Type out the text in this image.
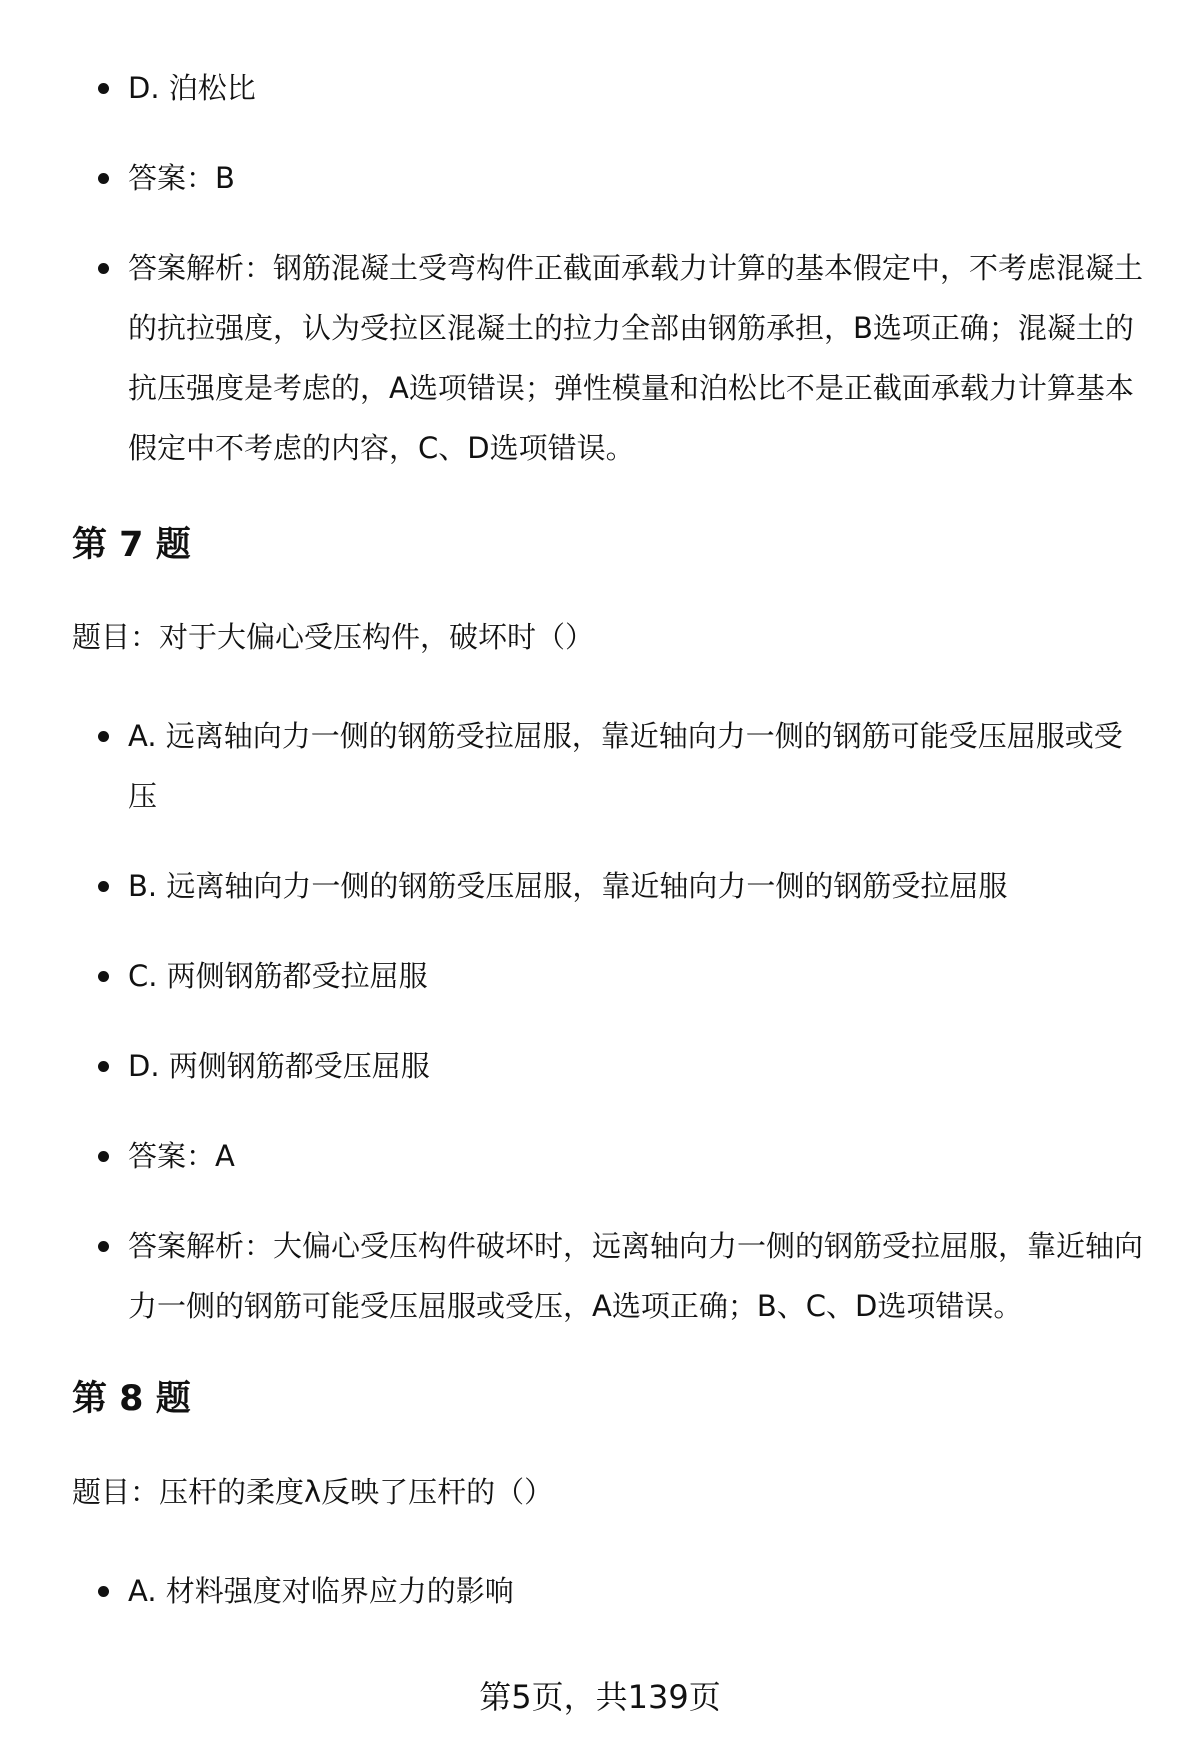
D. 泊松比
答案：B
答案解析：钢筋混凝土受弯构件正截面承载力计算的基本假定中，不考虑混凝土的抗拉强度，认为受拉区混凝土的拉力全部由钢筋承担，B选项正确；混凝土的抗压强度是考虑的，A选项错误；弹性模量和泊松比不是正截面承载力计算基本假定中不考虑的内容，C、D选项错误。
第 7 题

题目：对于大偏心受压构件，破坏时（）

A. 远离轴向力一侧的钢筋受拉屈服，靠近轴向力一侧的钢筋可能受压屈服或受压
B. 远离轴向力一侧的钢筋受压屈服，靠近轴向力一侧的钢筋受拉屈服
C. 两侧钢筋都受拉屈服
D. 两侧钢筋都受压屈服
答案：A
答案解析：大偏心受压构件破坏时，远离轴向力一侧的钢筋受拉屈服，靠近轴向力一侧的钢筋可能受压屈服或受压，A选项正确；B、C、D选项错误。
第 8 题

题目：压杆的柔度λ反映了压杆的（）

A. 材料强度对临界应力的影响
第5页，共139页
